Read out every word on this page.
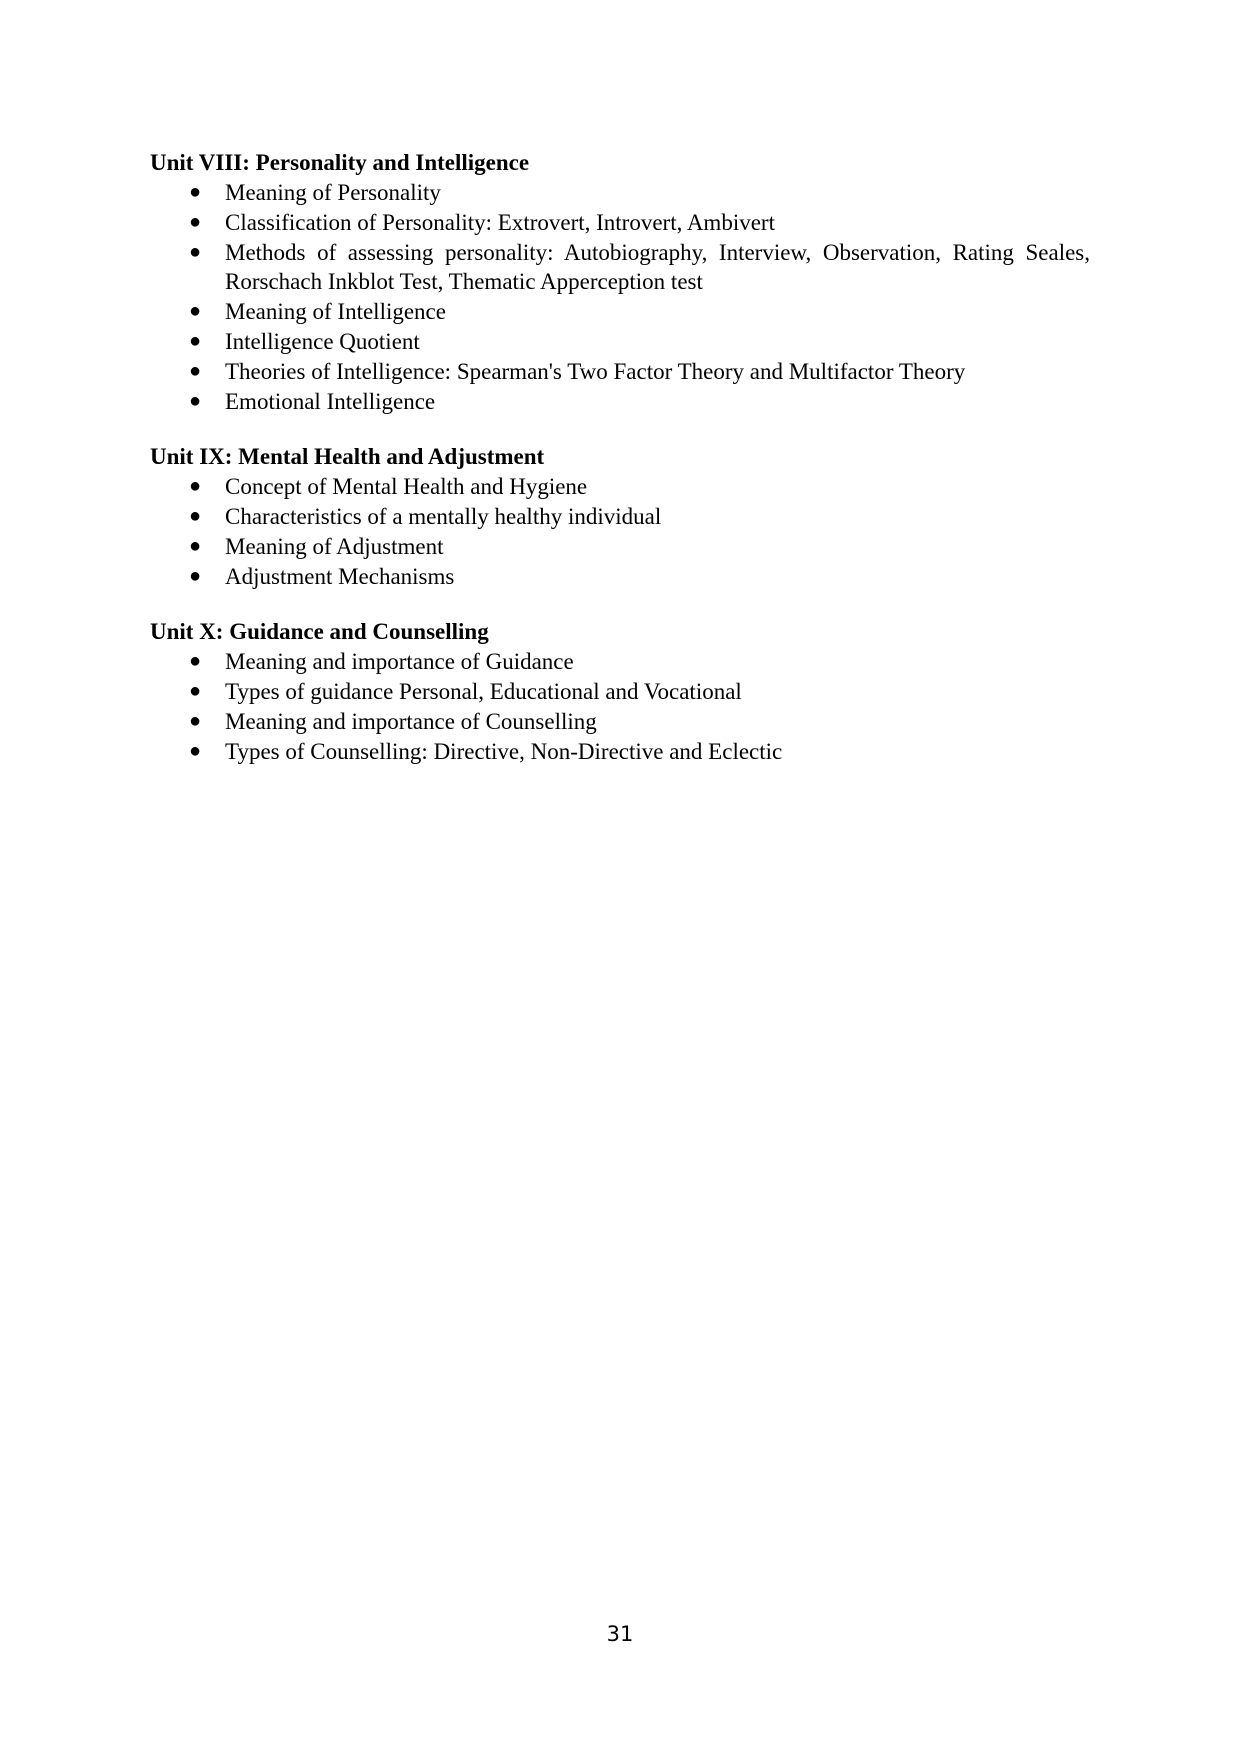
Unit VIII: Personality and Intelligence
● Meaning of Personality
● Classification of Personality: Extrovert, Introvert, Ambivert
● Methods of assessing personality: Autobiography, Interview, Observation, Rating Seales, Rorschach Inkblot Test, Thematic Apperception test
● Meaning of Intelligence
● Intelligence Quotient
● Theories of Intelligence: Spearman's Two Factor Theory and Multifactor Theory
● Emotional Intelligence
Unit IX: Mental Health and Adjustment
● Concept of Mental Health and Hygiene
● Characteristics of a mentally healthy individual
● Meaning of Adjustment
● Adjustment Mechanisms
Unit X: Guidance and Counselling
● Meaning and importance of Guidance
● Types of guidance Personal, Educational and Vocational
● Meaning and importance of Counselling
● Types of Counselling: Directive, Non-Directive and Eclectic
31
